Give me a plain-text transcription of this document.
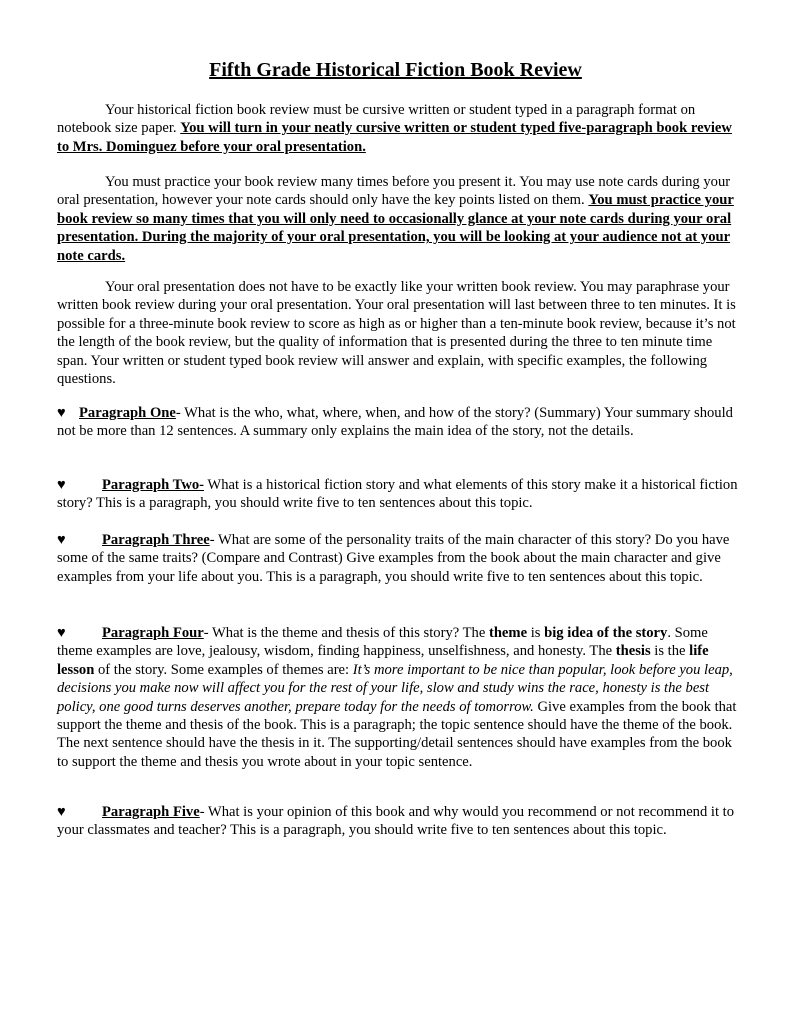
Fifth Grade Historical Fiction Book Review

Your historical fiction book review must be cursive written or student typed in a paragraph format on notebook size paper. You will turn in your neatly cursive written or student typed five-paragraph book review to Mrs. Dominguez before your oral presentation.

You must practice your book review many times before you present it. You may use note cards during your oral presentation, however your note cards should only have the key points listed on them. You must practice your book review so many times that you will only need to occasionally glance at your note cards during your oral presentation. During the majority of your oral presentation, you will be looking at your audience not at your note cards.

Your oral presentation does not have to be exactly like your written book review. You may paraphrase your written book review during your oral presentation. Your oral presentation will last between three to ten minutes. It is possible for a three-minute book review to score as high as or higher than a ten-minute book review, because it’s not the length of the book review, but the quality of information that is presented during the three to ten minute time span. Your written or student typed book review will answer and explain, with specific examples, the following questions.

♥ Paragraph One- What is the who, what, where, when, and how of the story? (Summary) Your summary should not be more than 12 sentences. A summary only explains the main idea of the story, not the details.

♥ Paragraph Two- What is a historical fiction story and what elements of this story make it a historical fiction story? This is a paragraph, you should write five to ten sentences about this topic.

♥ Paragraph Three- What are some of the personality traits of the main character of this story? Do you have some of the same traits? (Compare and Contrast) Give examples from the book about the main character and give examples from your life about you. This is a paragraph, you should write five to ten sentences about this topic.

♥ Paragraph Four- What is the theme and thesis of this story? The theme is big idea of the story. Some theme examples are love, jealousy, wisdom, finding happiness, unselfishness, and honesty. The thesis is the life lesson of the story. Some examples of themes are: It’s more important to be nice than popular, look before you leap, decisions you make now will affect you for the rest of your life, slow and study wins the race, honesty is the best policy, one good turns deserves another, prepare today for the needs of tomorrow. Give examples from the book that support the theme and thesis of the book. This is a paragraph; the topic sentence should have the theme of the book. The next sentence should have the thesis in it. The supporting/detail sentences should have examples from the book to support the theme and thesis you wrote about in your topic sentence.

♥ Paragraph Five- What is your opinion of this book and why would you recommend or not recommend it to your classmates and teacher? This is a paragraph, you should write five to ten sentences about this topic.
